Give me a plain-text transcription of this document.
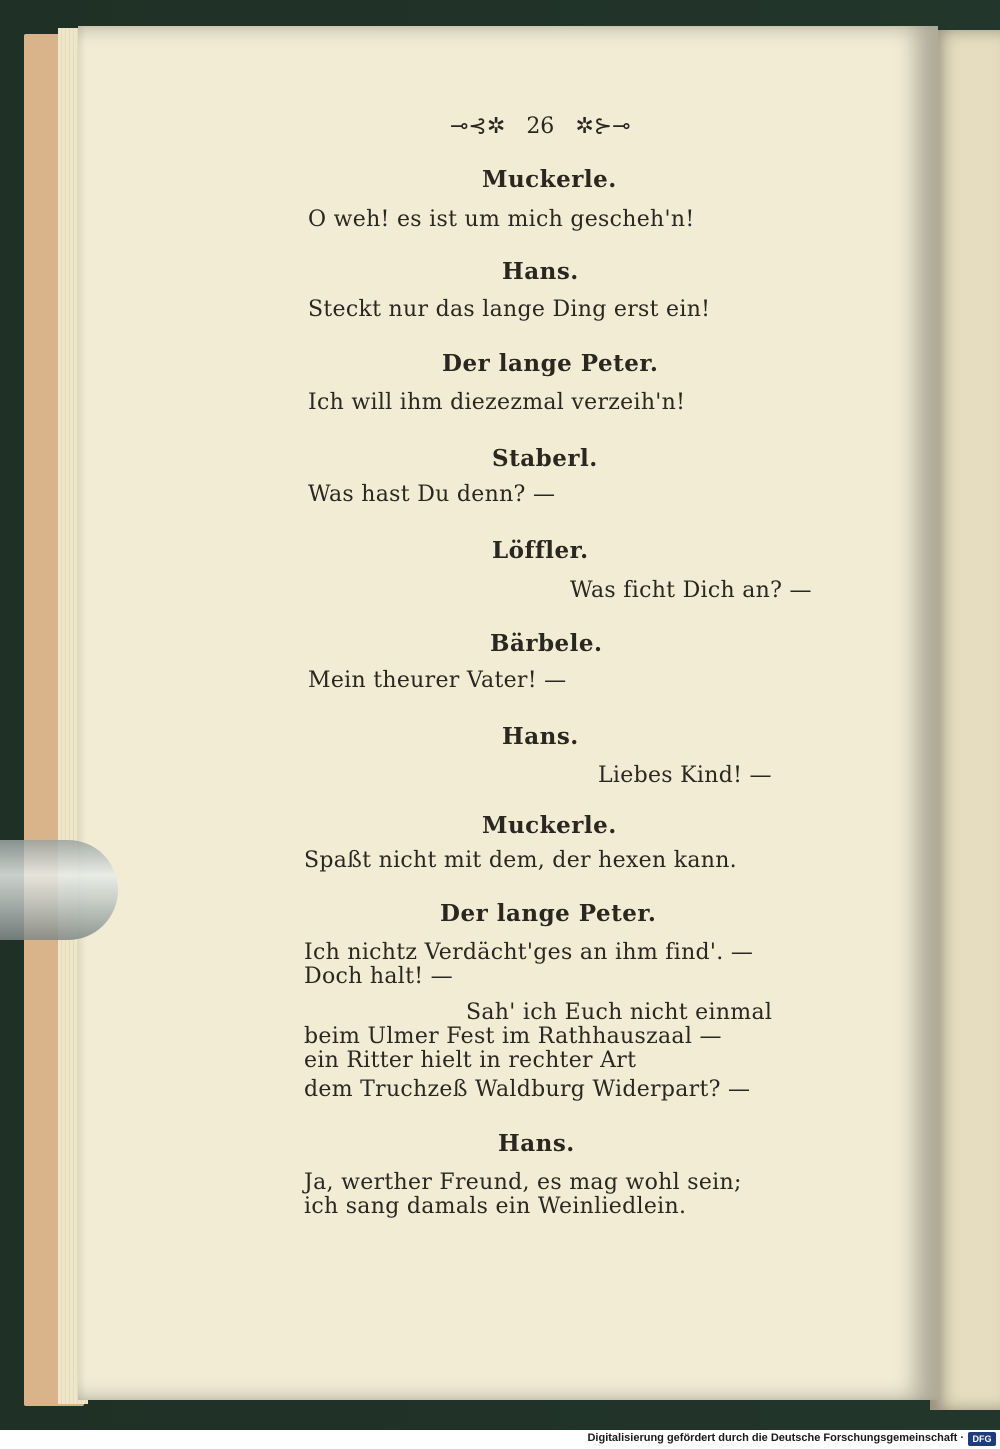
⊸⊰✲ 26 ✲⊱⊸
Muckerle.
O weh! es ist um mich gescheh'n!
Hans.
Steckt nur das lange Ding erst ein!
Der lange Peter.
Ich will ihm diezezmal verzeih'n!
Staberl.
Was hast Du denn? —
Löffler.
Was ficht Dich an? —
Bärbele.
Mein theurer Vater! —
Hans.
Liebes Kind! —
Muckerle.
Spaßt nicht mit dem, der hexen kann.
Der lange Peter.
Ich nichtz Verdächt'ges an ihm find'. —
Doch halt! —
Sah' ich Euch nicht einmal
beim Ulmer Fest im Rathhauszaal —
ein Ritter hielt in rechter Art
dem Truchzeß Waldburg Widerpart? —
Hans.
Ja, werther Freund, es mag wohl sein;
ich sang damals ein Weinliedlein.
Digitalisierung gefördert durch die Deutsche Forschungsgemeinschaft · DFG
